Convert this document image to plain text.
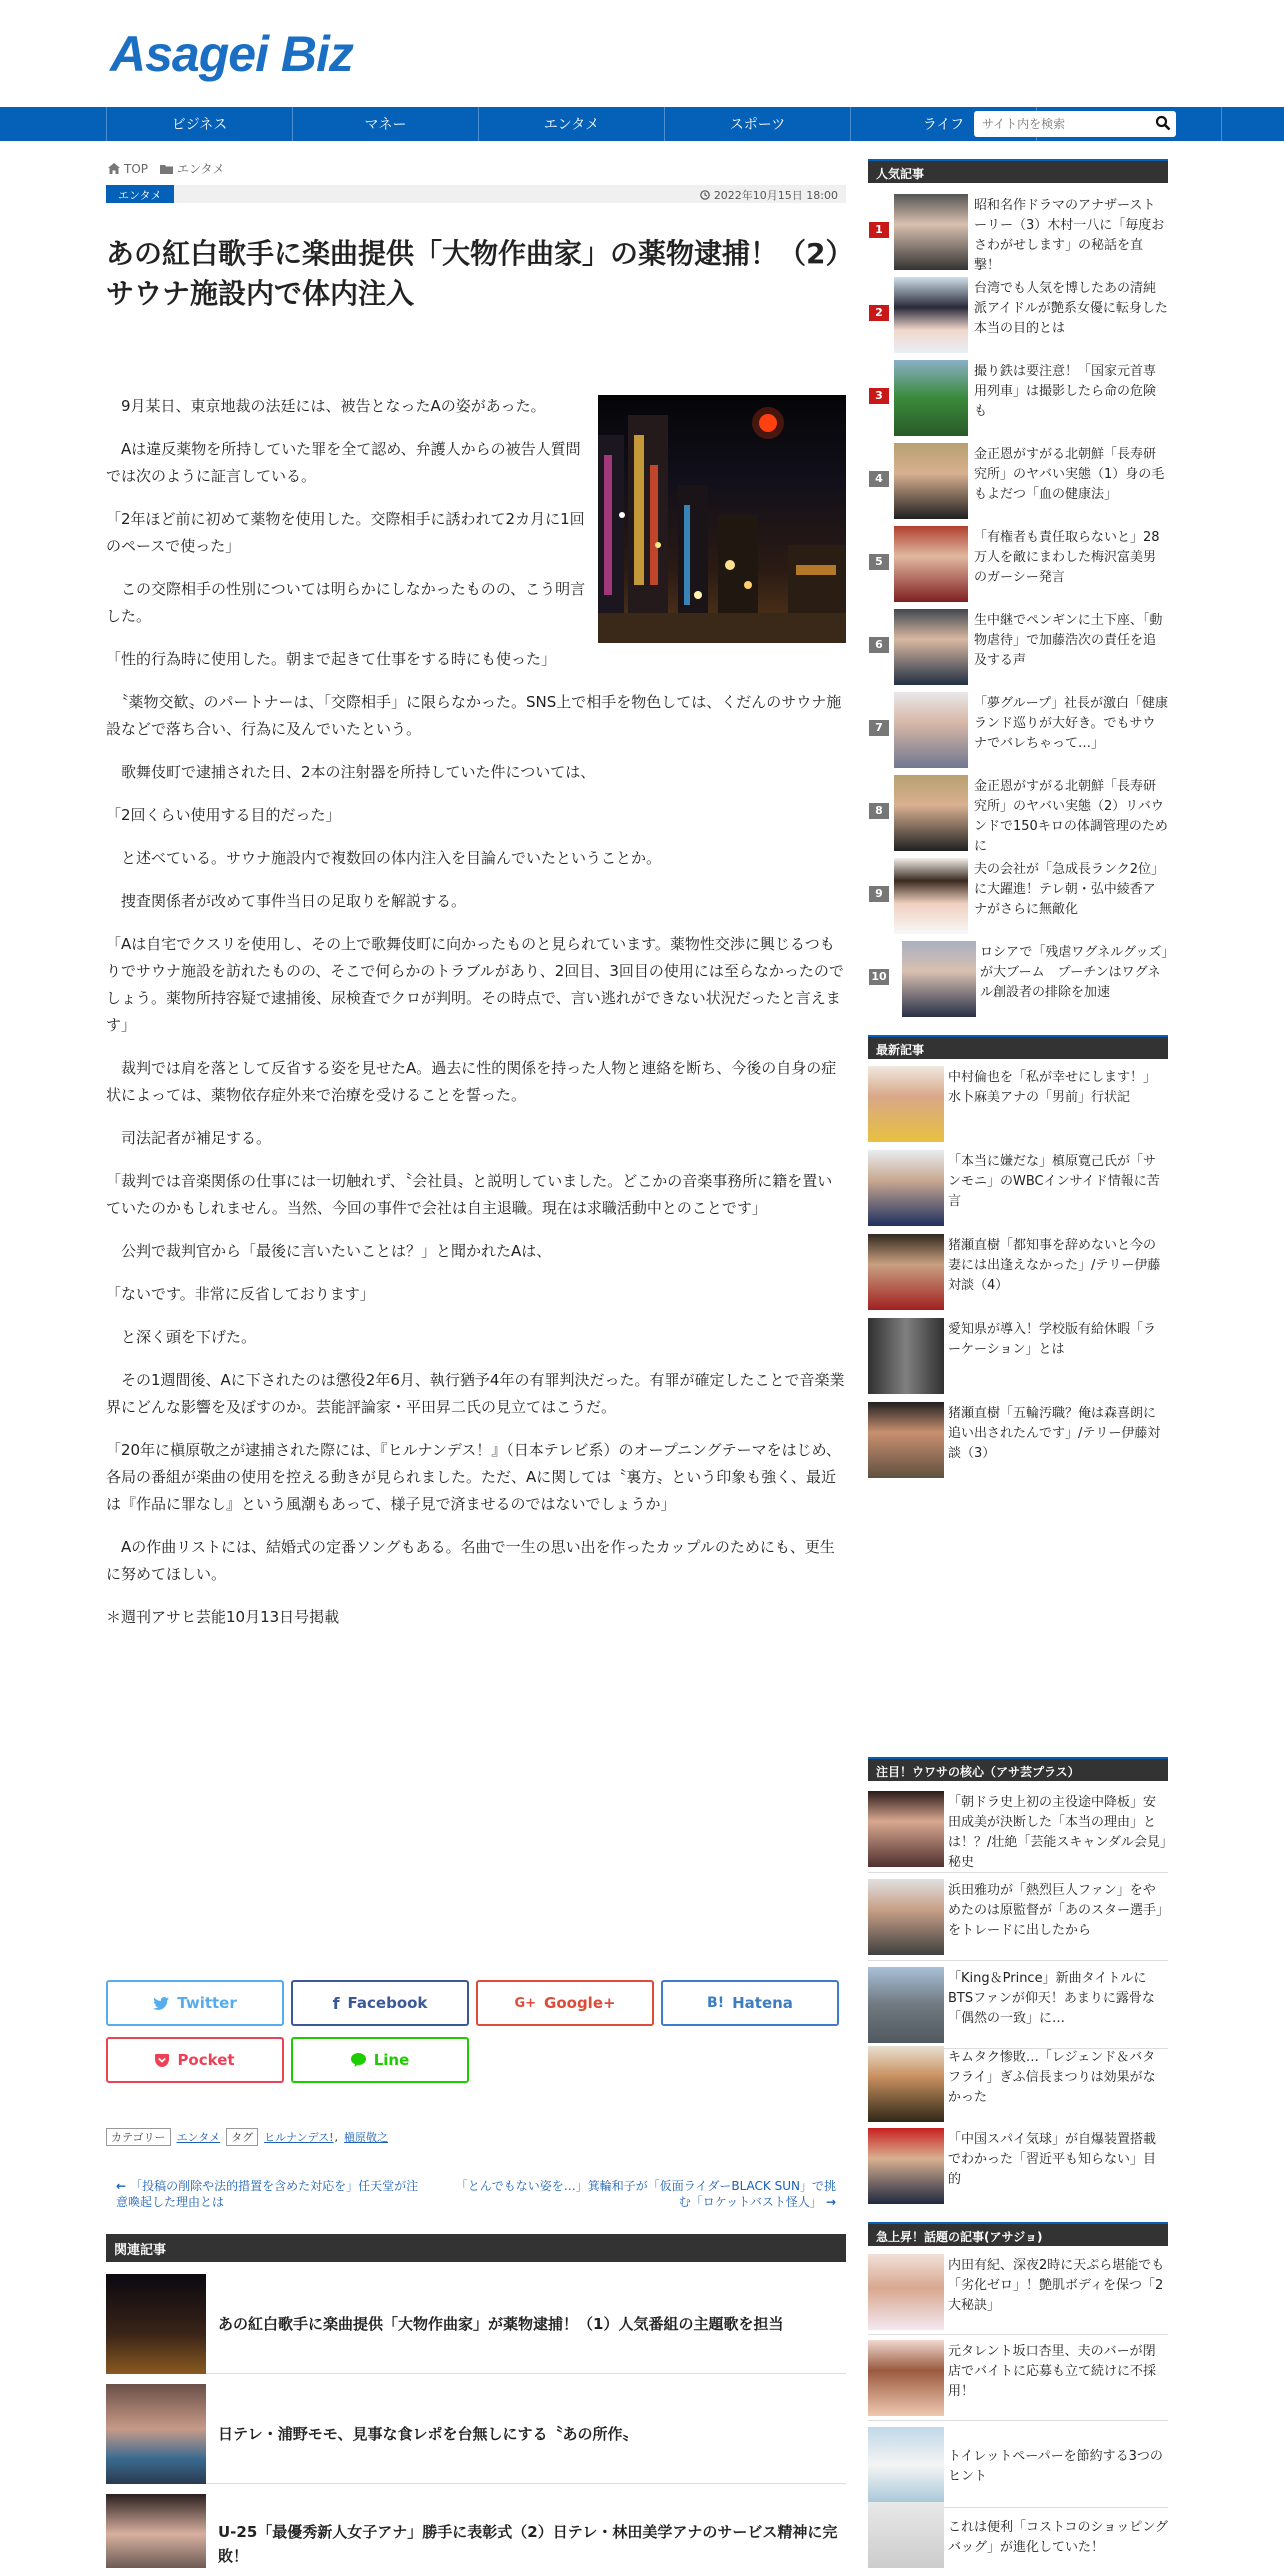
Asagei Biz
ビジネス	マネー	エンタメ	スポーツ	ライフ
サイト内を検索
TOP エンタメ
エンタメ	2022年10月15日 18:00
あの紅白歌手に楽曲提供「大物作曲家」の薬物逮捕！（2）サウナ施設内で体内注入

　9月某日、東京地裁の法廷には、被告となったAの姿があった。

　Aは違反薬物を所持していた罪を全て認め、弁護人からの被告人質問では次のように証言している。

「2年ほど前に初めて薬物を使用した。交際相手に誘われて2カ月に1回のペースで使った」

　この交際相手の性別については明らかにしなかったものの、こう明言した。

「性的行為時に使用した。朝まで起きて仕事をする時にも使った」

　〝薬物交歓〟のパートナーは、「交際相手」に限らなかった。SNS上で相手を物色しては、くだんのサウナ施設などで落ち合い、行為に及んでいたという。

　歌舞伎町で逮捕された日、2本の注射器を所持していた件については、

「2回くらい使用する目的だった」

　と述べている。サウナ施設内で複数回の体内注入を目論んでいたということか。

　捜査関係者が改めて事件当日の足取りを解説する。

「Aは自宅でクスリを使用し、その上で歌舞伎町に向かったものと見られています。薬物性交渉に興じるつもりでサウナ施設を訪れたものの、そこで何らかのトラブルがあり、2回目、3回目の使用には至らなかったのでしょう。薬物所持容疑で逮捕後、尿検査でクロが判明。その時点で、言い逃れができない状況だったと言えます」

　裁判では肩を落として反省する姿を見せたA。過去に性的関係を持った人物と連絡を断ち、今後の自身の症状によっては、薬物依存症外来で治療を受けることを誓った。

　司法記者が補足する。

「裁判では音楽関係の仕事には一切触れず、〝会社員〟と説明していました。どこかの音楽事務所に籍を置いていたのかもしれません。当然、今回の事件で会社は自主退職。現在は求職活動中とのことです」

　公判で裁判官から「最後に言いたいことは？」と聞かれたAは、

「ないです。非常に反省しております」

　と深く頭を下げた。

　その1週間後、Aに下されたのは懲役2年6月、執行猶予4年の有罪判決だった。有罪が確定したことで音楽業界にどんな影響を及ぼすのか。芸能評論家・平田昇二氏の見立てはこうだ。

「20年に槇原敬之が逮捕された際には、『ヒルナンデス！』（日本テレビ系）のオープニングテーマをはじめ、各局の番組が楽曲の使用を控える動きが見られました。ただ、Aに関しては〝裏方〟という印象も強く、最近は『作品に罪なし』という風潮もあって、様子見で済ませるのではないでしょうか」

　Aの作曲リストには、結婚式の定番ソングもある。名曲で一生の思い出を作ったカップルのためにも、更生に努めてほしい。

＊週刊アサヒ芸能10月13日号掲載

Twitter	f Facebook	G+ Google+	B! Hatena
Pocket	Line
カテゴリー	エンタメ	タグ	ヒルナンデス! , 槇原敬之
← 「投稿の削除や法的措置を含めた対応を」任天堂が注意喚起した理由とは
「とんでもない姿を…」箕輪和子が「仮面ライダーBLACK SUN」で挑む「ロケットバスト怪人」 →
関連記事
あの紅白歌手に楽曲提供「大物作曲家」が薬物逮捕！（1）人気番組の主題歌を担当
日テレ・浦野モモ、見事な食レポを台無しにする〝あの所作〟
U-25「最優秀新人女子アナ」勝手に表彰式（2）日テレ・林田美学アナのサービス精神に完敗！
人気記事
1
昭和名作ドラマのアナザーストーリー（3）木村一八に「毎度おさわがせします」の秘話を直撃！
2
台湾でも人気を博したあの清純派アイドルが艶系女優に転身した本当の目的とは
3
撮り鉄は要注意！「国家元首専用列車」は撮影したら命の危険も
4
金正恩がすがる北朝鮮「長寿研究所」のヤバい実態（1）身の毛もよだつ「血の健康法」
5
「有権者も責任取らないと」28万人を敵にまわした梅沢富美男のガーシー発言
6
生中継でペンギンに土下座、「動物虐待」で加藤浩次の責任を追及する声
7
「夢グループ」社長が激白「健康ランド巡りが大好き。でもサウナでバレちゃって…」
8
金正恩がすがる北朝鮮「長寿研究所」のヤバい実態（2）リバウンドで150キロの体調管理のために
9
夫の会社が「急成長ランク2位」に大躍進！テレ朝・弘中綾香アナがさらに無敵化
10
ロシアで「残虐ワグネルグッズ」が大ブーム　プーチンはワグネル創設者の排除を加速
最新記事
中村倫也を「私が幸せにします！」　水卜麻美アナの「男前」行状記
「本当に嫌だな」槙原寛己氏が「サンモニ」のWBCインサイド情報に苦言
猪瀬直樹「都知事を辞めないと今の妻には出逢えなかった」/テリー伊藤対談（4）
愛知県が導入！学校版有給休暇「ラーケーション」とは
猪瀬直樹「五輪汚職？俺は森喜朗に追い出されたんです」/テリー伊藤対談（3）
注目！ウワサの核心（アサ芸プラス）
「朝ドラ史上初の主役途中降板」安田成美が決断した「本当の理由」とは！？/壮絶「芸能スキャンダル会見」秘史
浜田雅功が「熱烈巨人ファン」をやめたのは原監督が「あのスター選手」をトレードに出したから
「King＆Prince」新曲タイトルにBTSファンが仰天！あまりに露骨な「偶然の一致」に…
キムタク惨敗…「レジェンド＆バタフライ」ぎふ信長まつりは効果がなかった
「中国スパイ気球」が自爆装置搭載でわかった「習近平も知らない」目的
急上昇！話題の記事(アサジョ)
内田有紀、深夜2時に天ぷら堪能でも「劣化ゼロ」！艶肌ボディを保つ「2大秘訣」
元タレント坂口杏里、夫のバーが閉店でバイトに応募も立て続けに不採用！
トイレットペーパーを節約する3つのヒント
これは便利「コストコのショッピングバッグ」が進化していた！
